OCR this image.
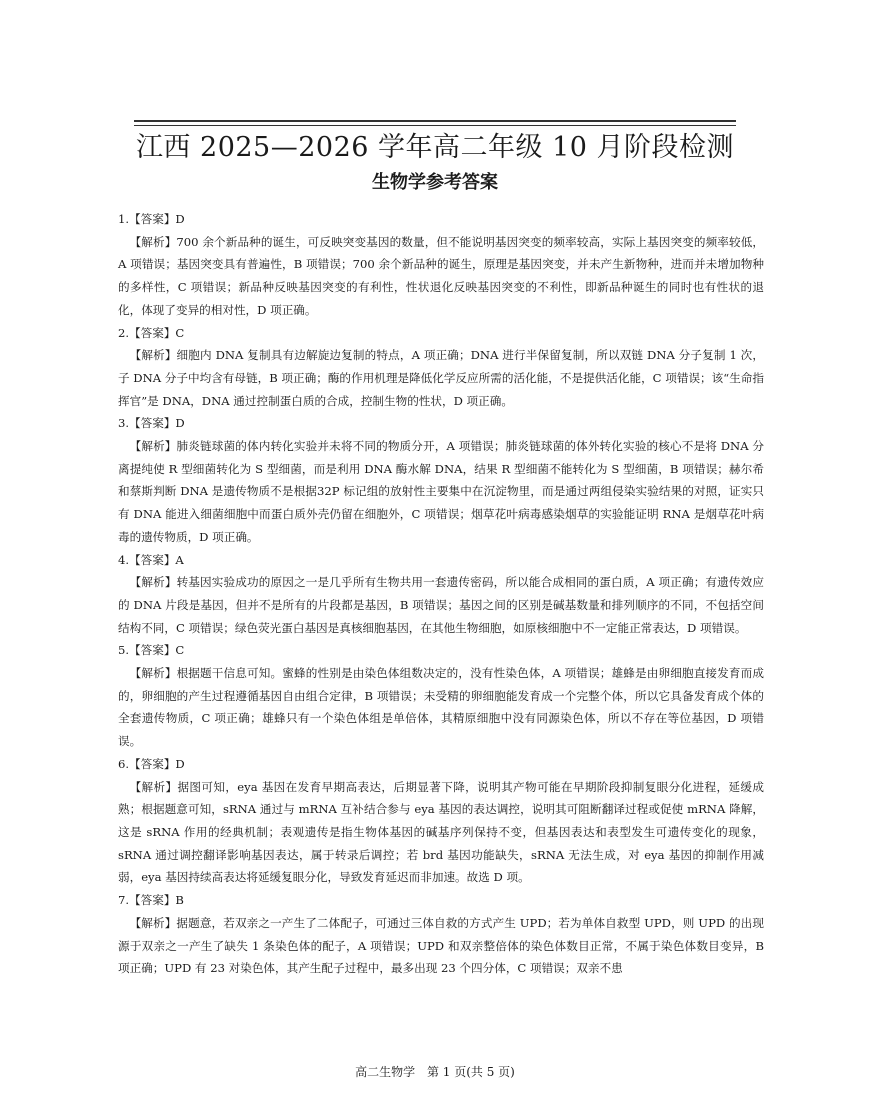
江西 2025—2026 学年高二年级 10 月阶段检测
生物学参考答案
1.【答案】D
【解析】700 余个新品种的诞生，可反映突变基因的数量，但不能说明基因突变的频率较高，实际上基因突变的频率较低，A 项错误；基因突变具有普遍性，B 项错误；700 余个新品种的诞生，原理是基因突变，并未产生新物种，进而并未增加物种的多样性，C 项错误；新品种反映基因突变的有利性，性状退化反映基因突变的不利性，即新品种诞生的同时也有性状的退化，体现了变异的相对性，D 项正确。
2.【答案】C
【解析】细胞内 DNA 复制具有边解旋边复制的特点，A 项正确；DNA 进行半保留复制，所以双链 DNA 分子复制 1 次，子 DNA 分子中均含有母链，B 项正确；酶的作用机理是降低化学反应所需的活化能，不是提供活化能，C 项错误；该“生命指挥官”是 DNA，DNA 通过控制蛋白质的合成，控制生物的性状，D 项正确。
3.【答案】D
【解析】肺炎链球菌的体内转化实验并未将不同的物质分开，A 项错误；肺炎链球菌的体外转化实验的核心不是将 DNA 分离提纯使 R 型细菌转化为 S 型细菌，而是利用 DNA 酶水解 DNA，结果 R 型细菌不能转化为 S 型细菌，B 项错误；赫尔希和蔡斯判断 DNA 是遗传物质不是根据32P 标记组的放射性主要集中在沉淀物里，而是通过两组侵染实验结果的对照，证实只有 DNA 能进入细菌细胞中而蛋白质外壳仍留在细胞外，C 项错误；烟草花叶病毒感染烟草的实验能证明 RNA 是烟草花叶病毒的遗传物质，D 项正确。
4.【答案】A
【解析】转基因实验成功的原因之一是几乎所有生物共用一套遗传密码，所以能合成相同的蛋白质，A 项正确；有遗传效应的 DNA 片段是基因，但并不是所有的片段都是基因，B 项错误；基因之间的区别是碱基数量和排列顺序的不同，不包括空间结构不同，C 项错误；绿色荧光蛋白基因是真核细胞基因，在其他生物细胞，如原核细胞中不一定能正常表达，D 项错误。
5.【答案】C
【解析】根据题干信息可知。蜜蜂的性别是由染色体组数决定的，没有性染色体，A 项错误；雄蜂是由卵细胞直接发育而成的，卵细胞的产生过程遵循基因自由组合定律，B 项错误；未受精的卵细胞能发育成一个完整个体，所以它具备发育成个体的全套遗传物质，C 项正确；雄蜂只有一个染色体组是单倍体，其精原细胞中没有同源染色体，所以不存在等位基因，D 项错误。
6.【答案】D
【解析】据图可知，eya 基因在发育早期高表达，后期显著下降，说明其产物可能在早期阶段抑制复眼分化进程，延缓成熟；根据题意可知，sRNA 通过与 mRNA 互补结合参与 eya 基因的表达调控，说明其可阻断翻译过程或促使 mRNA 降解，这是 sRNA 作用的经典机制；表观遗传是指生物体基因的碱基序列保持不变，但基因表达和表型发生可遗传变化的现象，sRNA 通过调控翻译影响基因表达，属于转录后调控；若 brd 基因功能缺失，sRNA 无法生成，对 eya 基因的抑制作用减弱，eya 基因持续高表达将延缓复眼分化，导致发育延迟而非加速。故选 D 项。
7.【答案】B
【解析】据题意，若双亲之一产生了二体配子，可通过三体自救的方式产生 UPD；若为单体自救型 UPD，则 UPD 的出现源于双亲之一产生了缺失 1 条染色体的配子，A 项错误；UPD 和双亲整倍体的染色体数目正常，不属于染色体数目变异，B 项正确；UPD 有 23 对染色体，其产生配子过程中，最多出现 23 个四分体，C 项错误；双亲不患
高二生物学 第 1 页(共 5 页)
